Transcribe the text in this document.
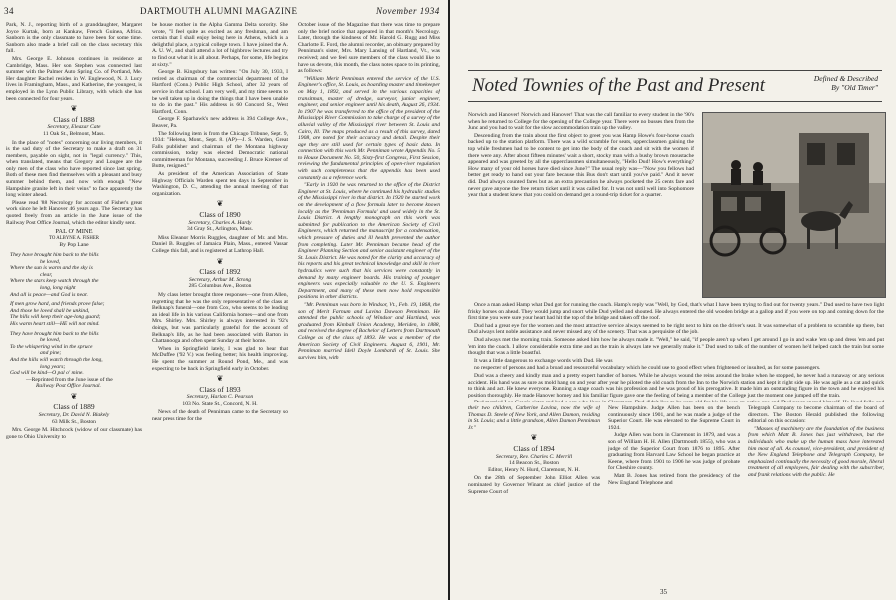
34	DARTMOUTH ALUMNI MAGAZINE	November 1934

Park, N. J., reporting birth of a granddaughter, Margaret Joyce Kurtak, born at Kankaw, French Guinea, Africa. Sanborn is the only classmate to have been for some time. Sanborn also made a brief call on the class secretary this fall.

Mrs. George E. Johnson continues in residence at Cambridge, Mass. Her son Stephen was connected last summer with the Palmer Auto Spring Co. of Portland, Me. Her daughter Rachel resides in W. Englewood, N. J. Lucy lives in Framingham, Mass., and Katherine, the youngest, is employed in the Lynn Public Library, with which she has been connected for four years.

❦
Class of 1888
Secretary, Eleazar Cate
11 Oak St., Belmont, Mass.

In the place of "notes" concerning our living members, it is the sad duty of the Secretary to make a draft on 31 members, payable on sight, not in "legal currency." This, when translated, means that Gregory and Lougee are the only men of the class who have reported since last spring. Both of these men find themselves with a pleasant and busy summer behind them, and now with enough "New Hampshire granite left in their veins" to face apparently the long winter ahead.

Please read '88 Necrology for account of Fisher's great work since he left Hanover 46 years ago. The Secretary has quoted freely from an article in the June issue of the Railway Post Office Journal, which the editor kindly sent.

PAL O' MINE
TO ALBYNE A. FISHER
By Pop Lane
They have brought him back to the hills
he loved,
Where the sun is warm and the sky is
clear,
Where the stars keep watch through the
long, long night
And all is peace—and God is near.
If men grow hard, and friends prove false;
And those he loved shall be unkind,
The hills will keep their age-long guard;
His warm heart still—HE will not mind.
They have brought him back to the hills
he loved,
To the whispering wind in the spruce
and pine;
And the hills will watch through the long,
long years;
God will be kind—O pal o' mine.
—Reprinted from the June issue of the
Railway Post Office Journal.
❦
Class of 1889
Secretary, Dr. David N. Blakely
63 Milk St., Boston

Mrs. George M. Hitchcock (widow of our classmate) has gone to Ohio University to

be house mother in the Alpha Gamma Delta sorority. She wrote, "I feel quite as excited as any freshman, and am certain that I shall enjoy being here in Athens, which is a delightful place, a typical college town. I have joined the A. A. U. W., and shall attend a lot of highbrow lectures and try to find out what it is all about. Perhaps, for some, life begins at sixty."

George B. Kingsbury has written: "On July 30, 1933, I retired as chairman of the commercial department of the Hartford (Conn.) Public High School, after 32 years of service in that school. I am very well, and my time seems to be well taken up in doing the things that I have been unable to do in the past." His address is 60 Concord St., West Hartford, Conn.

George F. Sparhawk's new address is 394 College Ave., Beaver, Pa.

The following item is from the Chicago Tribune, Sept. 9, 1934: "Helena, Mont., Sept. 8. (AP)—J. S. Warden, Great Falls publisher and chairman of the Montana highway commission, today was elected Democratic national committeeman for Montana, succeeding J. Bruce Kremer of Butte, resigned."

As president of the American Association of State Highway Officials Warden spent ten days in September in Washington, D. C., attending the annual meeting of that organization.

❦
Class of 1890
Secretary, Charles A. Hardy
34 Gray St., Arlington, Mass.

Miss Eleanor Morris Ruggles, daughter of Mr. and Mrs. Daniel B. Ruggles of Jamaica Plain, Mass., entered Vassar College this fall, and is registered at Lathrop Hall.

❦
Class of 1892
Secretary, Arthur M. Strong
285 Columbus Ave., Boston

My class letter brought three responses—one from Allen, regretting that he was the only representative of the class at Belknap's funeral—one from Cox, who seems to be leading an ideal life in his various California homes—and one from Mrs. Shirley. Mrs. Shirley is always interested in '92's doings, but was particularly grateful for the account of Belknap's life, as he had been associated with Barton in Chattanooga and often spent Sunday at their home.

When in Springfield lately, I was glad to hear that McDuffee ('92 V.) was feeling better; his health improving. He spent the summer at Round Pond, Me., and was expecting to be back in Springfield early in October.

❦
Class of 1893
Secretary, Harlan C. Pearson
103 No. State St., Concord, N. H.

News of the death of Penniman came to the Secretary so near press time for the

October issue of the Magazine that there was time to prepare only the brief notice that appeared in that month's Necrology. Later, through the kindness of Mr. Harold G. Rugg and Miss Charlotte E. Ford, the alumni recorder, an obituary prepared by Penniman's sister, Mrs. Mary Lansing of Hartland, Vt., was received; and we feel sure members of the class would like to have us devote, this month, the class notes space to its printing, as follows:

"William Merit Penniman entered the service of the U.S. Engineer's office, St. Louis, as boarding master and timekeeper on May 1, 1892, and served in the various capacities of transitman, master of dredge, surveyor, junior engineer, engineer, and senior engineer until his death, August 26, 1934. In 1907 he was transferred to the office of the president of the Mississippi River Commission to take charge of a survey of the alluvial valley of the Mississippi river between St. Louis and Cairo, Ill. The maps produced as a result of this survey, dated 1908, are noted for their accuracy and detail. Despite their age they are still used for certain types of basic data. In connection with this work Mr. Penniman wrote Appendix No. 5 to House Document No. 50, Sixty-first Congress, First Session, reviewing the fundamental principles of open-river regulation with such completeness that the appendix has been used constantly as a reference work.

"Early in 1920 he was returned to the office of the District Engineer at St. Louis, where he continued his hydraulic studies of the Mississippi river in that district. In 1920 he started work on the development of a flow formula later to become known locally as the 'Penniman Formula' and used widely in the St. Louis District. A lengthy monograph on this work was submitted for publication to the American Society of Civil Engineers, which returned the manuscript for a condensation, which pressure of duties and ill health prevented the author from completing. Later Mr. Penniman became head of the Engineer Planning Section and senior assistant engineer of the St. Louis District. He was noted for the clarity and accuracy of his reports and his great technical knowledge and skill in river hydraulics were such that his services were constantly in demand by many engineer boards. His training of younger engineers was especially valuable to the U. S. Engineers Department, and many of these men now hold responsible positions in other districts.

"Mr. Penniman was born in Windsor, Vt., Feb. 19, 1868, the son of Merit Farnum and Lavina Dawson Penniman. He attended the public schools of Windsor and Hartland, was graduated from Kimball Union Academy, Meriden, in 1888, and received the degree of Bachelor of Letters from Dartmouth College as of the class of 1893. He was a member of the American Society of Civil Engineers. August 6, 1901, Mr. Penniman married Idell Doyle Lombardi of St. Louis. She survives him, with

Noted Townies of the Past and Present	Defined & Described
By "Old Timer"

Norwich and Hanover! Norwich and Hanover! That was the call familiar to every student in the '90's when he returned to College for the opening of the College year. There were no busses then from the Junc and you had to wait for the slow accommodation train up the valley.

Descending from the train about the first object to greet you was Hamp Howe's four-horse coach backed up to the station platform. There was a wild scramble for seats, upperclassmen gaining the top while freshmen had to be content to get into the body of the coach and sit with the women if there were any. After about fifteen minutes' wait a short, stocky man with a bushy brown moustache appeared and was greeted by all the upperclassmen simultaneously, "Hello Dud! How's everything? How many of your old horses have died since June?" The usual reply was—"Now you fellows had better get ready to hand out your fare because this Bus don't start until you've paid." And it never did. Dud always counted fares but as an extra precaution he always pocketed the 25 cents fare and never gave anyone the free return ticket until it was called for. It was not until well into Sophomore year that a student knew that you could on demand get a round-trip ticket for a quarter.

Once a man asked Hamp what Dud got for running the coach. Hamp's reply was "Well, by God, that's what I have been trying to find out for twenty years." Dud used to have two light frisky horses on ahead. They would jump and snort while Dud yelled and shouted. He always entered the old wooden bridge at a gallop and if you were on top and coming down for the first time you were sure your heart had hit the top of the bridge and taken off the roof.

Dud had a great eye for the women and the most attractive service always seemed to be right next to him on the driver's seat. It was somewhat of a problem to scramble up there, but Dud always lent noble assistance and never missed any of the scenery. That was a perquisite of the job.

Dud always met the morning train. Someone asked him how he always made it. "Well," he said, "if people aren't up when I get around I go in and wake 'em up and dress 'em and put 'em into the coach. I allow considerable extra time and as the train is always late we generally make it." Dud used to talk of the number of women he'd helped catch the train but some thought that was a little boastful.

It was a little dangerous to exchange words with Dud. He was

no respecter of persons and had a broad and resourceful vocabulary which he could use to good effect when frightened or insulted, as for some passengers.

Dud was a cheery and kindly man and a pretty expert handler of horses. While he always wound the reins around the brake when he stopped, he never had a runaway or any serious accident. His hand was as sure as mold hang on and year after year he piloted the old coach from the Inn to the Norwich station and kept it right side up. He was agile as a cat and quick to think and act. He knew everyone. Running a stage coach was his profession and he was proud of his prerogative. It made him an outstanding figure in the town and he enjoyed his position thoroughly. He made Hanover homey and his familiar figure gave one the feeling of being a member of the College just the moment one jumped off the train.

their two children, Catherine Lavina, now the wife of Thomas D. Steele of New York, and Allen Damon, residing in St. Louis; and a little grandson, Allen Damon Penniman Jr."

❦
Class of 1894
Secretary, Rev. Charles C. Merrill
14 Beacon St., Boston
Editor, Henry N. Hurd, Claremont, N. H.

On the 28th of September John Elliot Allen was nominated by Governor Winant as chief justice of the Supreme Court of

New Hampshire. Judge Allen has been on the bench continuously since 1901, and he was made a judge of the Superior Court. He was elevated to the Supreme Court in 1924.

Judge Allen was born in Claremont in 1879, and was a son of William H. H. Allen (Dartmouth 1855), who was a judge of the Superior Court from 1876 to 1895. After graduating from Harvard Law School he began practice at Keene, where from 1901 to 1906 he was judge of probate for Cheshire county.

Matt B. Jones has retired from the presidency of the New England Telephone and

Telegraph Company to become chairman of the board of directors. The Boston Herald published the following editorial on this occasion:

"Masses of machinery are the foundation of the business from which Matt B. Jones has just withdrawn, but the individuals who make up the human mass have interested him most of all. As counsel, vice-president, and president of the New England Telephone and Telegraph Company, he emphasized continually the necessity of good morale, liberal treatment of all employees, fair dealing with the subscriber, and frank relations with the public. He

35
